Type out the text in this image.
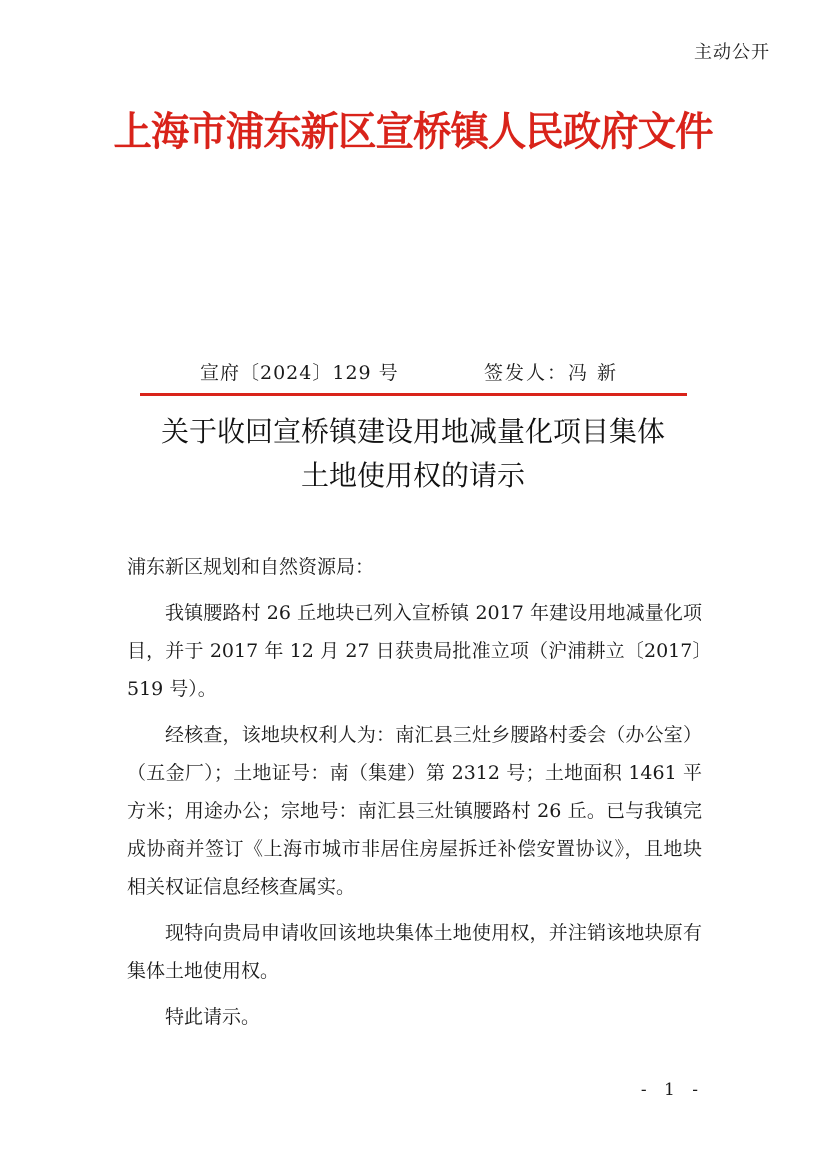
主动公开
上海市浦东新区宣桥镇人民政府文件
宣府〔2024〕129 号	签发人：冯 新
关于收回宣桥镇建设用地减量化项目集体
土地使用权的请示

浦东新区规划和自然资源局：

我镇腰路村 26 丘地块已列入宣桥镇 2017 年建设用地减量化项目，并于 2017 年 12 月 27 日获贵局批准立项（沪浦耕立〔2017〕519 号）。

经核查，该地块权利人为：南汇县三灶乡腰路村委会（办公室）（五金厂）；土地证号：南（集建）第 2312 号；土地面积 1461 平方米；用途办公；宗地号：南汇县三灶镇腰路村 26 丘。已与我镇完成协商并签订《上海市城市非居住房屋拆迁补偿安置协议》，且地块相关权证信息经核查属实。

现特向贵局申请收回该地块集体土地使用权，并注销该地块原有集体土地使用权。

特此请示。

- 1 -
